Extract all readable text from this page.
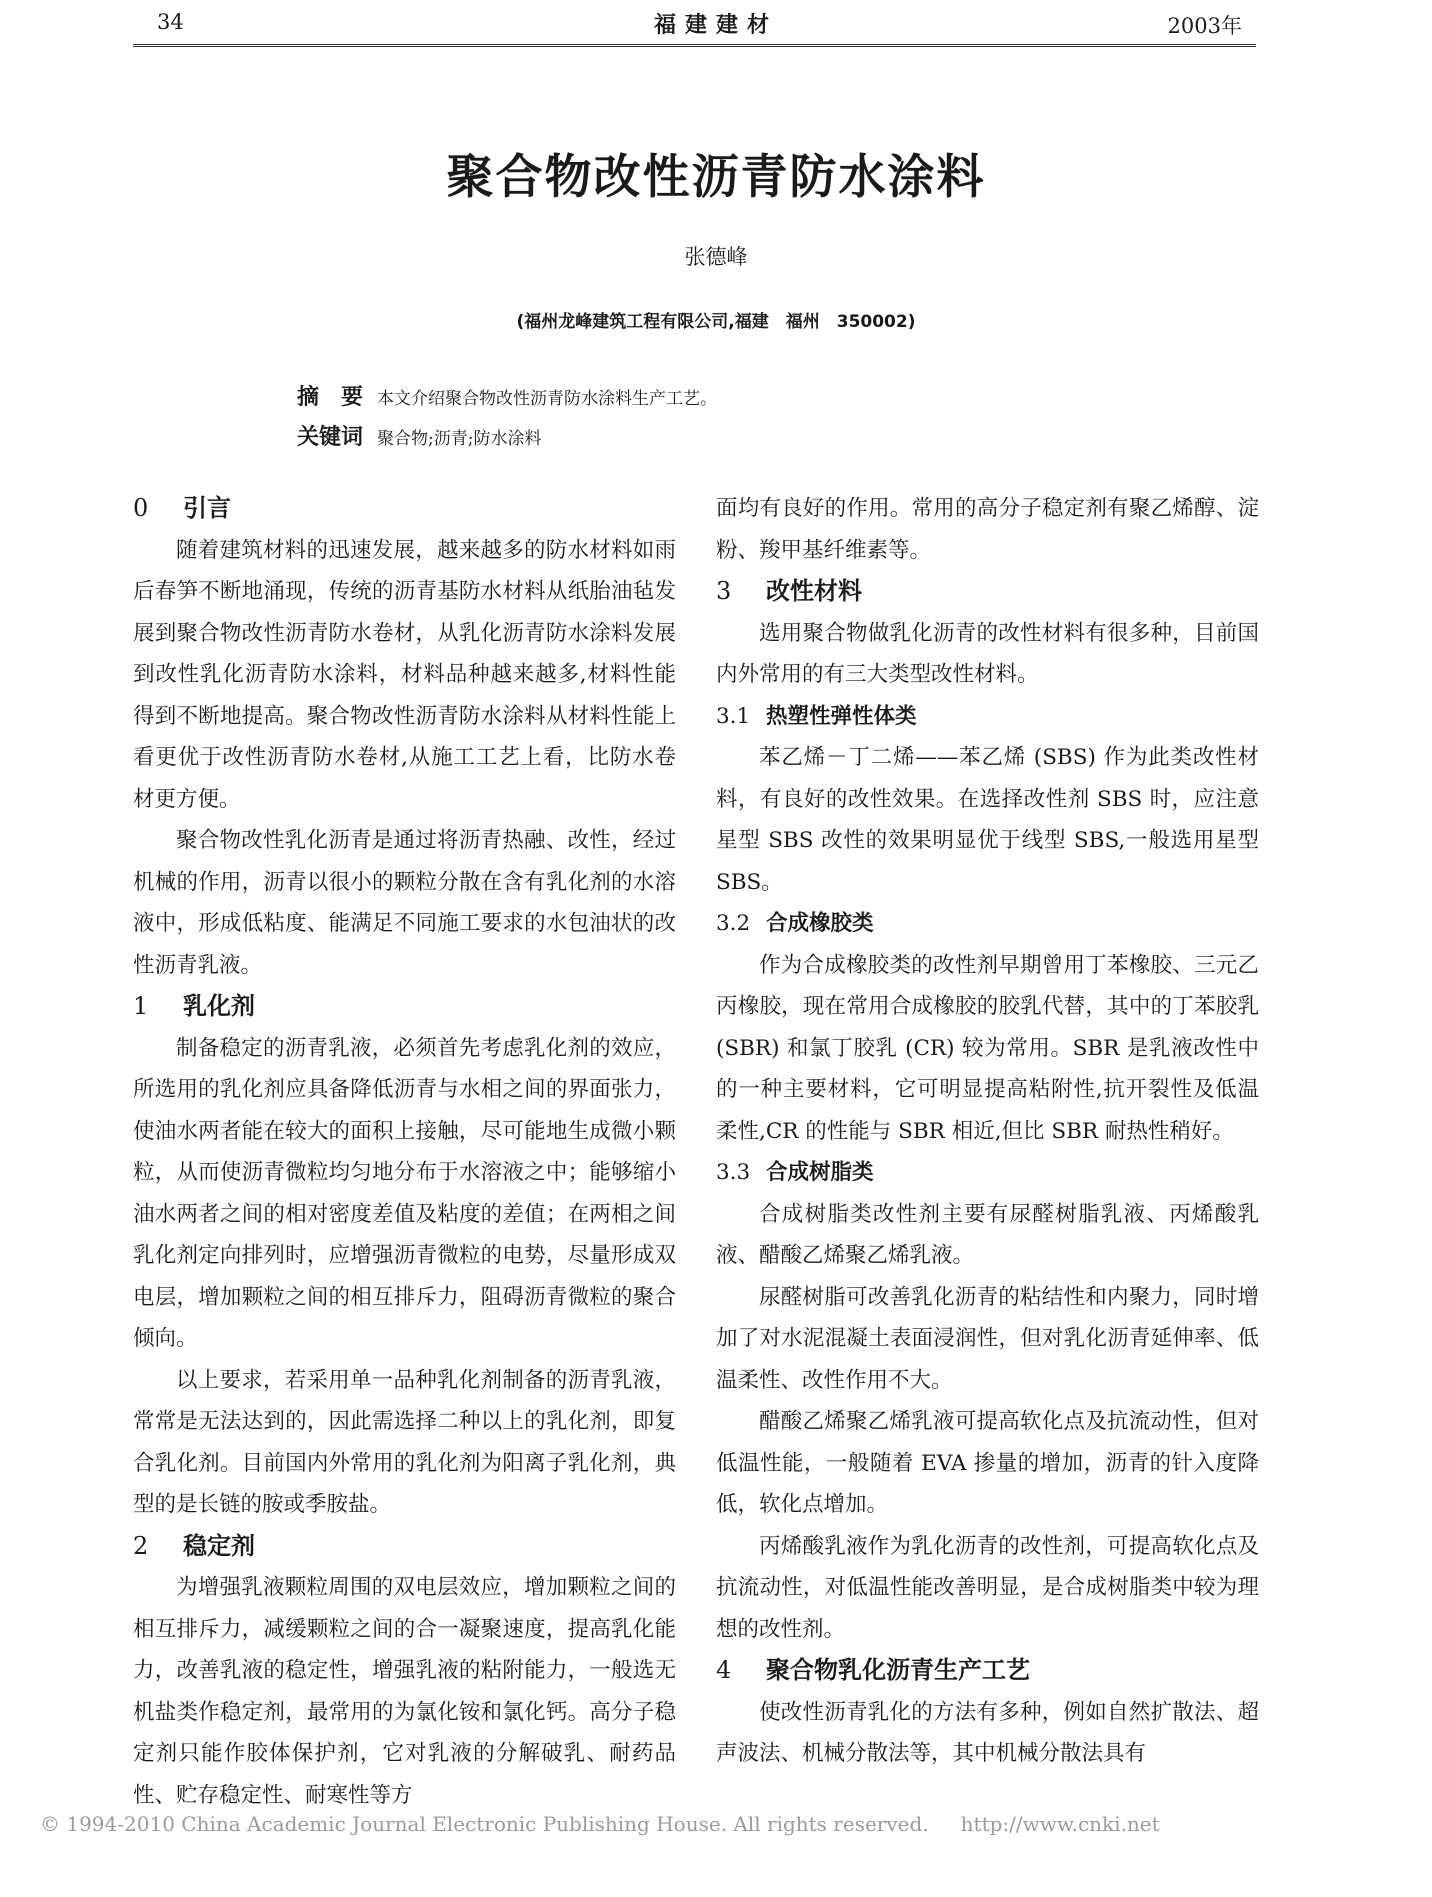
34	福建建材	2003年
聚合物改性沥青防水涂料
张德峰
(福州龙峰建筑工程有限公司,福建　福州　350002)
摘　要 本文介绍聚合物改性沥青防水涂料生产工艺。
关键词 聚合物;沥青;防水涂料
0 引言

随着建筑材料的迅速发展，越来越多的防水材料如雨后春笋不断地涌现，传统的沥青基防水材料从纸胎油毡发展到聚合物改性沥青防水卷材，从乳化沥青防水涂料发展到改性乳化沥青防水涂料，材料品种越来越多,材料性能得到不断地提高。聚合物改性沥青防水涂料从材料性能上看更优于改性沥青防水卷材,从施工工艺上看，比防水卷材更方便。

聚合物改性乳化沥青是通过将沥青热融、改性，经过机械的作用，沥青以很小的颗粒分散在含有乳化剂的水溶液中，形成低粘度、能满足不同施工要求的水包油状的改性沥青乳液。

1 乳化剂

制备稳定的沥青乳液，必须首先考虑乳化剂的效应，所选用的乳化剂应具备降低沥青与水相之间的界面张力，使油水两者能在较大的面积上接触，尽可能地生成微小颗粒，从而使沥青微粒均匀地分布于水溶液之中；能够缩小油水两者之间的相对密度差值及粘度的差值；在两相之间乳化剂定向排列时，应增强沥青微粒的电势，尽量形成双电层，增加颗粒之间的相互排斥力，阻碍沥青微粒的聚合倾向。

以上要求，若采用单一品种乳化剂制备的沥青乳液，常常是无法达到的，因此需选择二种以上的乳化剂，即复合乳化剂。目前国内外常用的乳化剂为阳离子乳化剂，典型的是长链的胺或季胺盐。

2 稳定剂

为增强乳液颗粒周围的双电层效应，增加颗粒之间的相互排斥力，减缓颗粒之间的合一凝聚速度，提高乳化能力，改善乳液的稳定性，增强乳液的粘附能力，一般选无机盐类作稳定剂，最常用的为氯化铵和氯化钙。高分子稳定剂只能作胶体保护剂，它对乳液的分解破乳、耐药品性、贮存稳定性、耐寒性等方

面均有良好的作用。常用的高分子稳定剂有聚乙烯醇、淀粉、羧甲基纤维素等。

3 改性材料

选用聚合物做乳化沥青的改性材料有很多种，目前国内外常用的有三大类型改性材料。

3.1 热塑性弹性体类

苯乙烯－丁二烯——苯乙烯 (SBS) 作为此类改性材料，有良好的改性效果。在选择改性剂 SBS 时，应注意星型 SBS 改性的效果明显优于线型 SBS,一般选用星型 SBS。

3.2 合成橡胶类

作为合成橡胶类的改性剂早期曾用丁苯橡胶、三元乙丙橡胶，现在常用合成橡胶的胶乳代替，其中的丁苯胶乳 (SBR) 和氯丁胶乳 (CR) 较为常用。SBR 是乳液改性中的一种主要材料，它可明显提高粘附性,抗开裂性及低温柔性,CR 的性能与 SBR 相近,但比 SBR 耐热性稍好。

3.3 合成树脂类

合成树脂类改性剂主要有尿醛树脂乳液、丙烯酸乳液、醋酸乙烯聚乙烯乳液。

尿醛树脂可改善乳化沥青的粘结性和内聚力，同时增加了对水泥混凝土表面浸润性，但对乳化沥青延伸率、低温柔性、改性作用不大。

醋酸乙烯聚乙烯乳液可提高软化点及抗流动性，但对低温性能，一般随着 EVA 掺量的增加，沥青的针入度降低，软化点增加。

丙烯酸乳液作为乳化沥青的改性剂，可提高软化点及抗流动性，对低温性能改善明显，是合成树脂类中较为理想的改性剂。

4 聚合物乳化沥青生产工艺

使改性沥青乳化的方法有多种，例如自然扩散法、超声波法、机械分散法等，其中机械分散法具有

© 1994-2010 China Academic Journal Electronic Publishing House. All rights reserved. http://www.cnki.net
